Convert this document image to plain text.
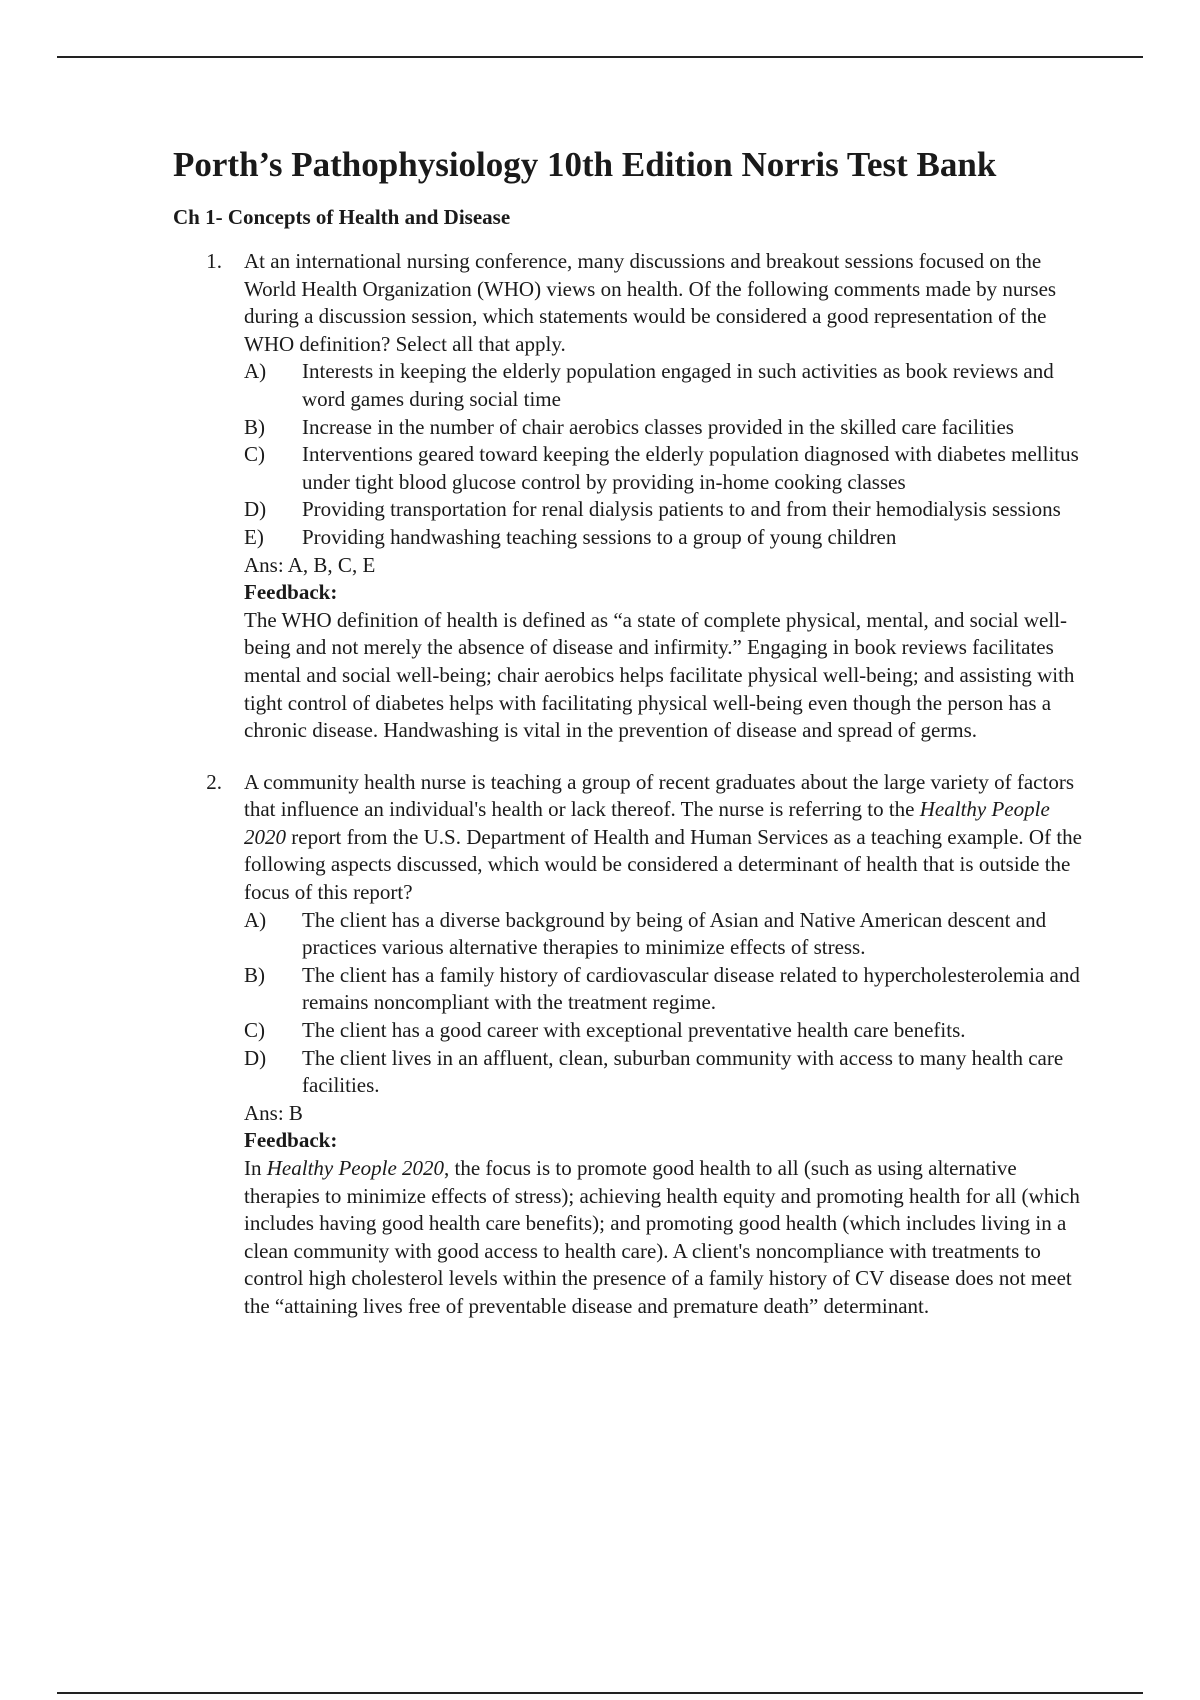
Porth’s Pathophysiology 10th Edition Norris Test Bank
Ch 1- Concepts of Health and Disease
1. At an international nursing conference, many discussions and breakout sessions focused on the World Health Organization (WHO) views on health. Of the following comments made by nurses during a discussion session, which statements would be considered a good representation of the WHO definition? Select all that apply.

A) Interests in keeping the elderly population engaged in such activities as book reviews and word games during social time
B) Increase in the number of chair aerobics classes provided in the skilled care facilities
C) Interventions geared toward keeping the elderly population diagnosed with diabetes mellitus under tight blood glucose control by providing in-home cooking classes
D) Providing transportation for renal dialysis patients to and from their hemodialysis sessions
E) Providing handwashing teaching sessions to a group of young children

Ans: A, B, C, E

Feedback:

The WHO definition of health is defined as “a state of complete physical, mental, and social well-being and not merely the absence of disease and infirmity.” Engaging in book reviews facilitates mental and social well-being; chair aerobics helps facilitate physical well-being; and assisting with tight control of diabetes helps with facilitating physical well-being even though the person has a chronic disease. Handwashing is vital in the prevention of disease and spread of germs.

2. A community health nurse is teaching a group of recent graduates about the large variety of factors that influence an individual's health or lack thereof. The nurse is referring to the Healthy People 2020 report from the U.S. Department of Health and Human Services as a teaching example. Of the following aspects discussed, which would be considered a determinant of health that is outside the focus of this report?

A) The client has a diverse background by being of Asian and Native American descent and practices various alternative therapies to minimize effects of stress.
B) The client has a family history of cardiovascular disease related to hypercholesterolemia and remains noncompliant with the treatment regime.
C) The client has a good career with exceptional preventative health care benefits.
D) The client lives in an affluent, clean, suburban community with access to many health care facilities.

Ans: B

Feedback:

In Healthy People 2020, the focus is to promote good health to all (such as using alternative therapies to minimize effects of stress); achieving health equity and promoting health for all (which includes having good health care benefits); and promoting good health (which includes living in a clean community with good access to health care). A client's noncompliance with treatments to control high cholesterol levels within the presence of a family history of CV disease does not meet the “attaining lives free of preventable disease and premature death” determinant.
